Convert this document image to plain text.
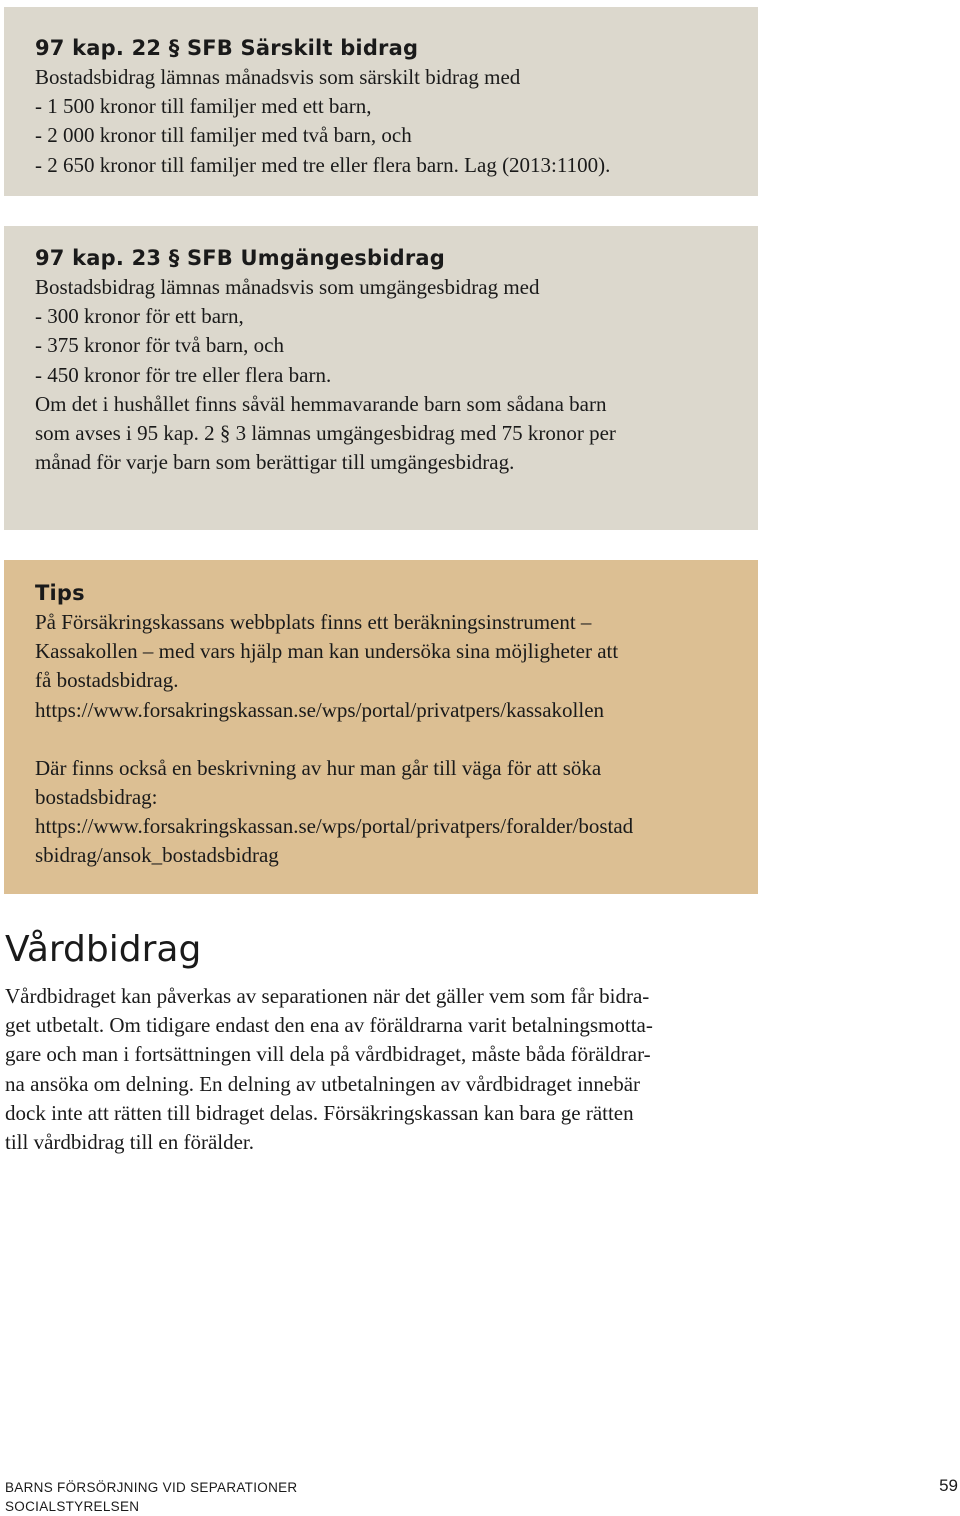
97 kap. 22 § SFB Särskilt bidrag
Bostadsbidrag lämnas månadsvis som särskilt bidrag med
- 1 500 kronor till familjer med ett barn,
- 2 000 kronor till familjer med två barn, och
- 2 650 kronor till familjer med tre eller flera barn. Lag (2013:1100).
97 kap. 23 § SFB Umgängesbidrag
Bostadsbidrag lämnas månadsvis som umgängesbidrag med
- 300 kronor för ett barn,
- 375 kronor för två barn, och
- 450 kronor för tre eller flera barn.
Om det i hushållet finns såväl hemmavarande barn som sådana barn
som avses i 95 kap. 2 § 3 lämnas umgängesbidrag med 75 kronor per
månad för varje barn som berättigar till umgängesbidrag.
Tips
På Försäkringskassans webbplats finns ett beräkningsinstrument –
Kassakollen – med vars hjälp man kan undersöka sina möjligheter att
få bostadsbidrag.
https://www.forsakringskassan.se/wps/portal/privatpers/kassakollen
Där finns också en beskrivning av hur man går till väga för att söka
bostadsbidrag:
https://www.forsakringskassan.se/wps/portal/privatpers/foralder/bostad
sbidrag/ansok_bostadsbidrag
Vårdbidrag
Vårdbidraget kan påverkas av separationen när det gäller vem som får bidra-
get utbetalt. Om tidigare endast den ena av föräldrarna varit betalningsmotta-
gare och man i fortsättningen vill dela på vårdbidraget, måste båda föräldrar-
na ansöka om delning. En delning av utbetalningen av vårdbidraget innebär
dock inte att rätten till bidraget delas. Försäkringskassan kan bara ge rätten
till vårdbidrag till en förälder.
BARNS FÖRSÖRJNING VID SEPARATIONER
SOCIALSTYRELSEN
59
